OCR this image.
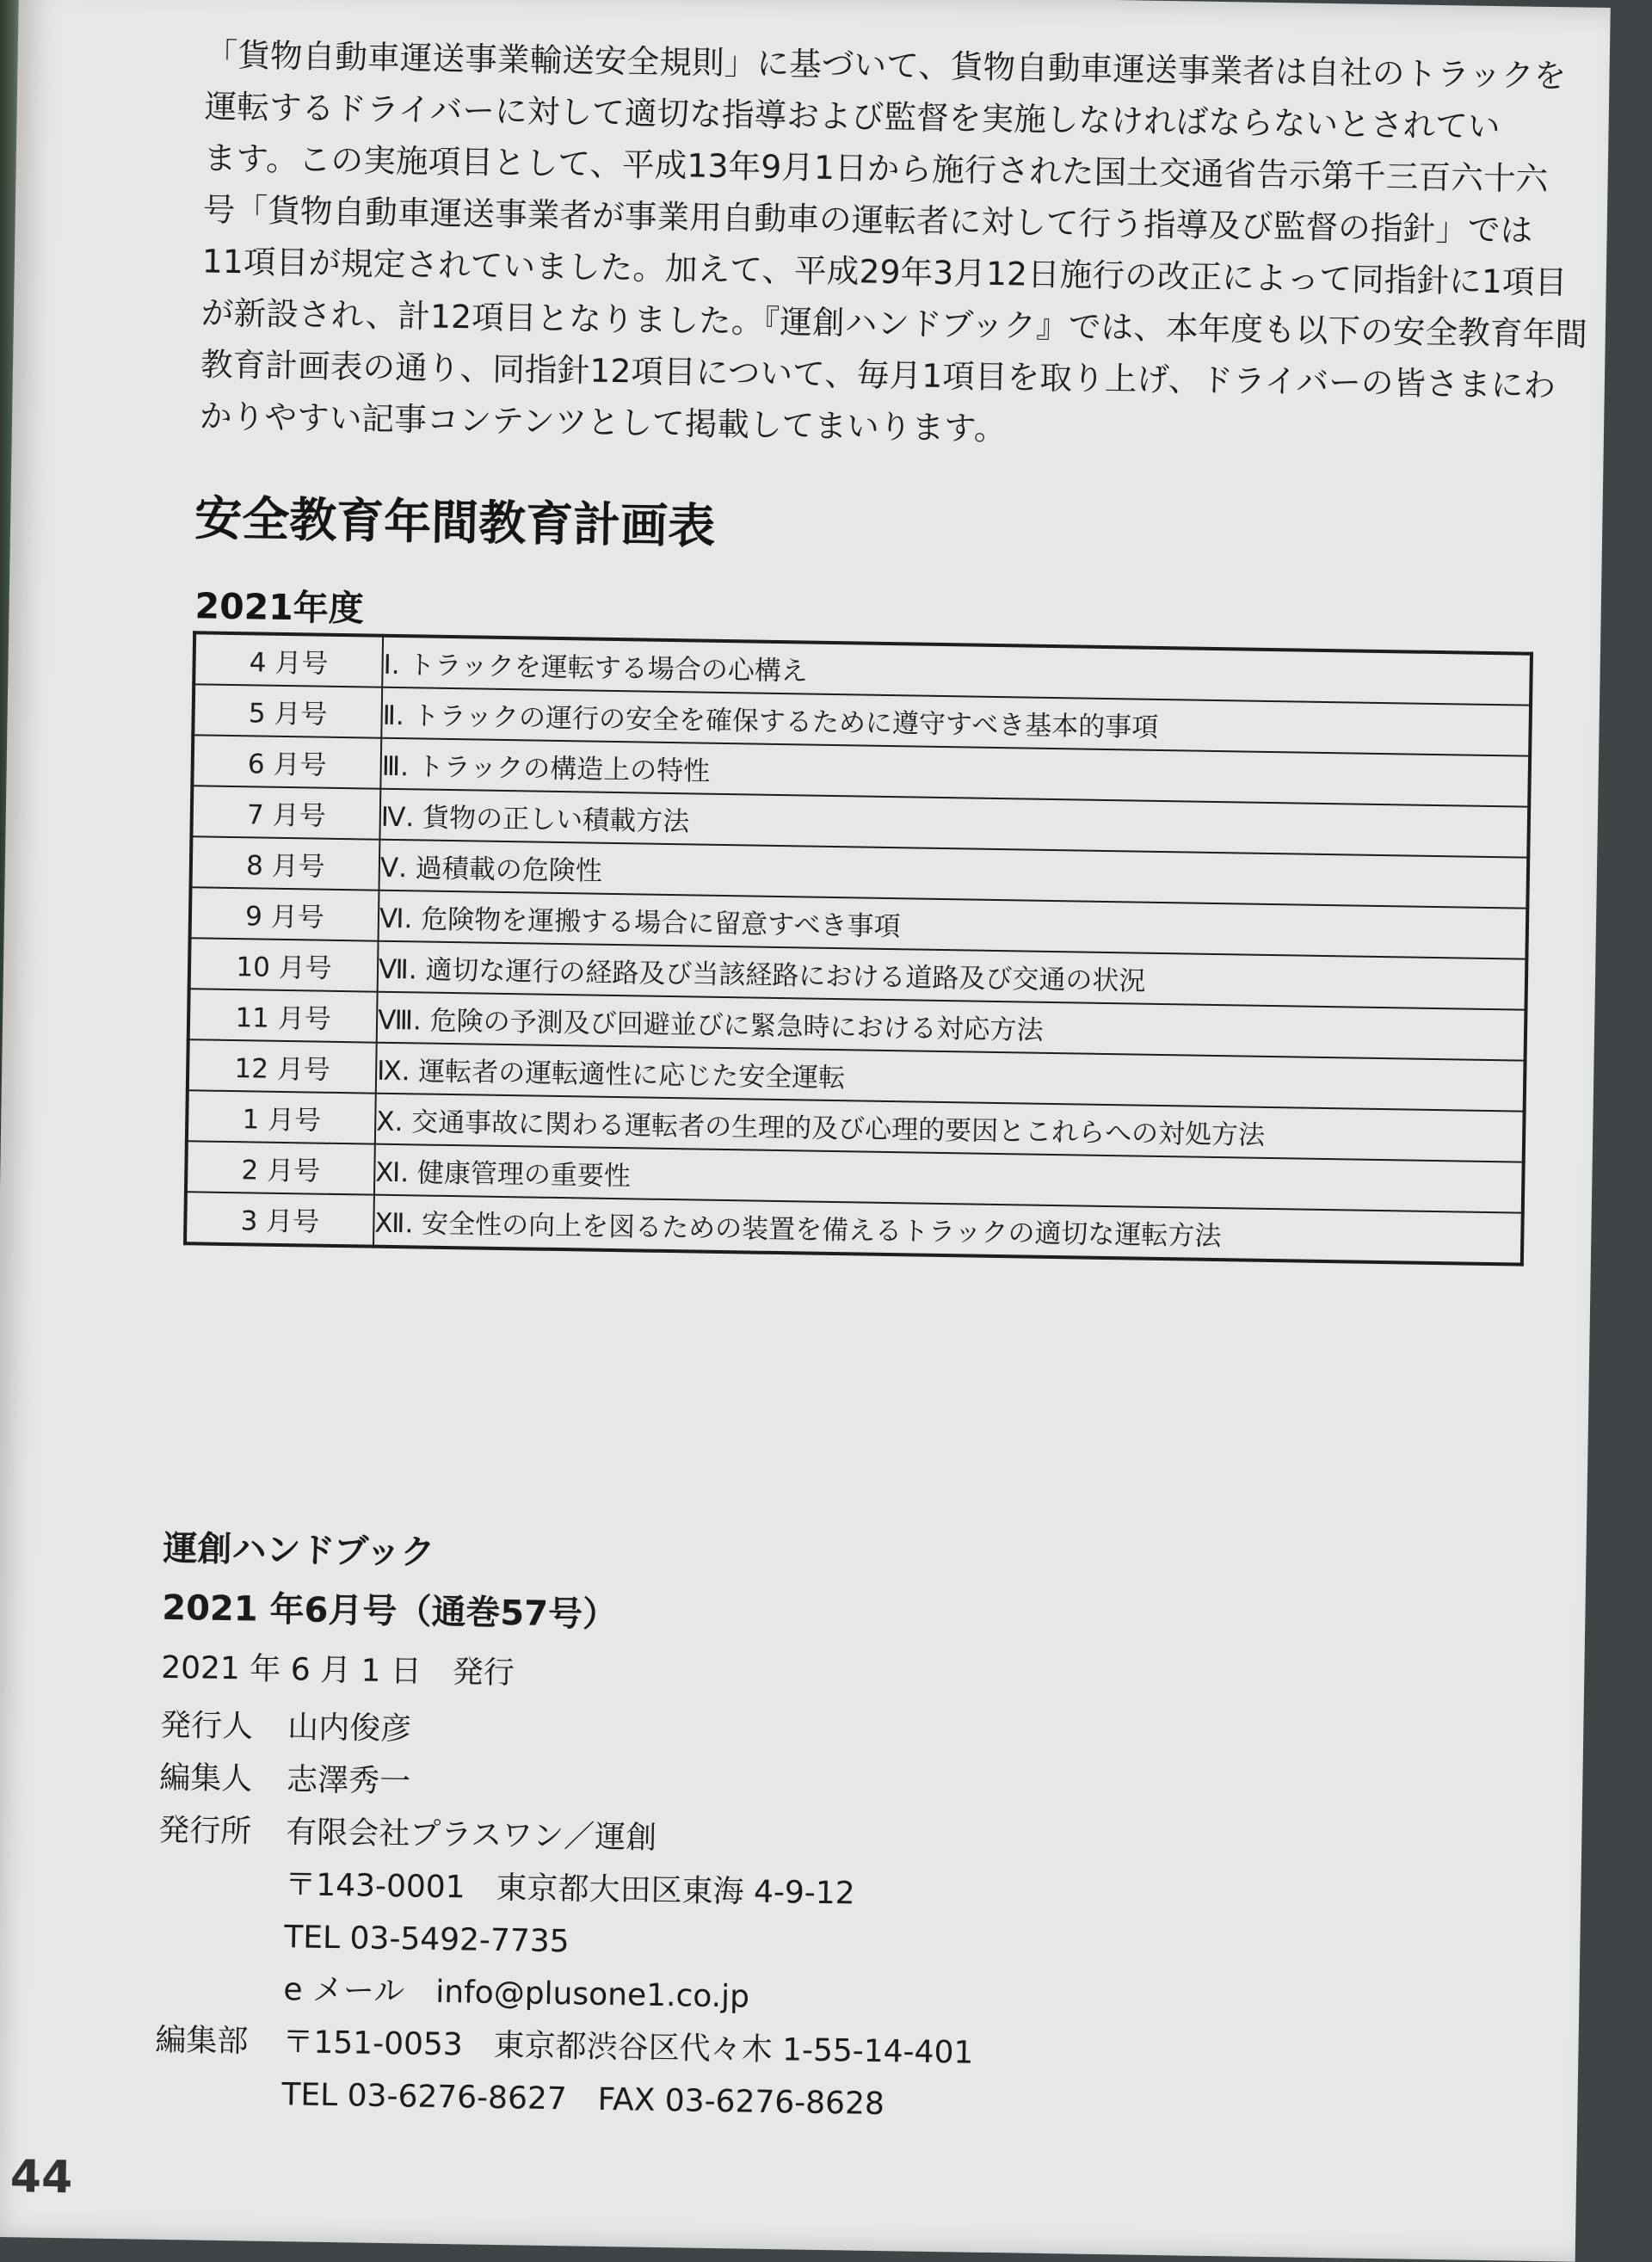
「貨物自動車運送事業輸送安全規則」に基づいて、貨物自動車運送事業者は自社のトラックを
運転するドライバーに対して適切な指導および監督を実施しなければならないとされてい
ます。この実施項目として、平成13年9月1日から施行された国土交通省告示第千三百六十六
号「貨物自動車運送事業者が事業用自動車の運転者に対して行う指導及び監督の指針」では
11項目が規定されていました。加えて、平成29年3月12日施行の改正によって同指針に1項目
が新設され、計12項目となりました。『運創ハンドブック』では、本年度も以下の安全教育年間
教育計画表の通り、同指針12項目について、毎月1項目を取り上げ、ドライバーの皆さまにわ
かりやすい記事コンテンツとして掲載してまいります。

安全教育年間教育計画表
2021年度
4 月号	Ⅰ. トラックを運転する場合の心構え
5 月号	Ⅱ. トラックの運行の安全を確保するために遵守すべき基本的事項
6 月号	Ⅲ. トラックの構造上の特性
7 月号	Ⅳ. 貨物の正しい積載方法
8 月号	Ⅴ. 過積載の危険性
9 月号	Ⅵ. 危険物を運搬する場合に留意すべき事項
10 月号	Ⅶ. 適切な運行の経路及び当該経路における道路及び交通の状況
11 月号	Ⅷ. 危険の予測及び回避並びに緊急時における対応方法
12 月号	Ⅸ. 運転者の運転適性に応じた安全運転
1 月号	Ⅹ. 交通事故に関わる運転者の生理的及び心理的要因とこれらへの対処方法
2 月号	Ⅺ. 健康管理の重要性
3 月号	Ⅻ. 安全性の向上を図るための装置を備えるトラックの適切な運転方法

運創ハンドブック

2021 年6月号（通巻57号）

2021 年 6 月 1 日　発行

発行人	山内俊彦
編集人	志澤秀一
発行所	有限会社プラスワン／運創
〒143-0001　東京都大田区東海 4-9-12
TEL 03-5492-7735
e メール　info@plusone1.co.jp
編集部	〒151-0053　東京都渋谷区代々木 1-55-14-401
TEL 03-6276-8627　FAX 03-6276-8628
44
